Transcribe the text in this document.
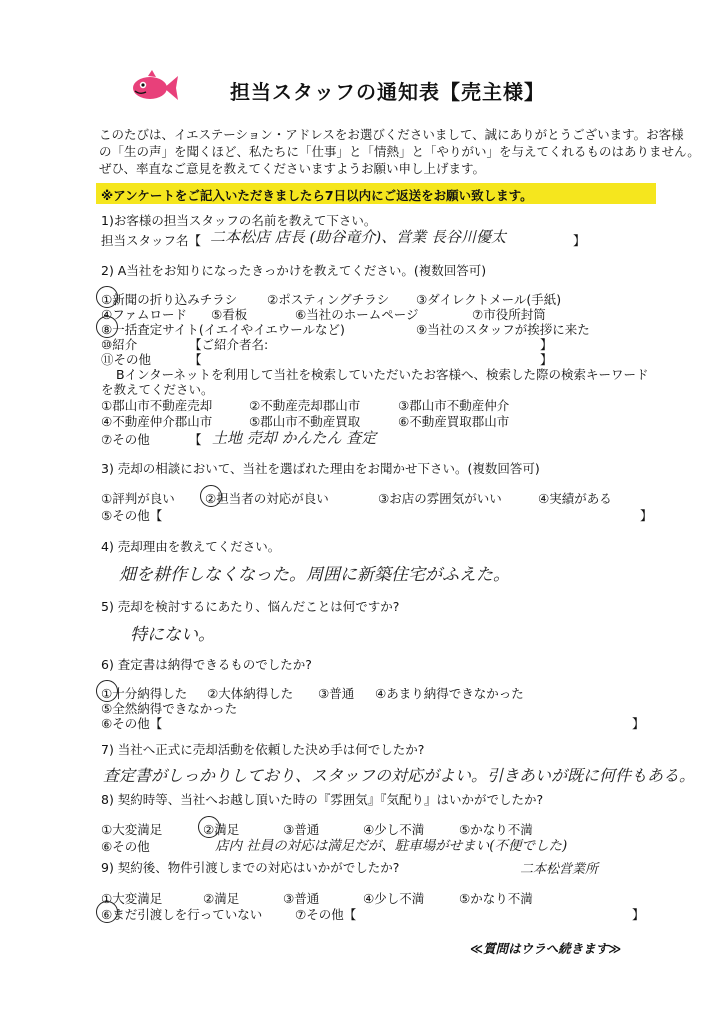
担当スタッフの通知表【売主様】
このたびは、イエステーション・アドレスをお選びくださいまして、誠にありがとうございます。お客様
の「生の声」を聞くほど、私たちに「仕事」と「情熱」と「やりがい」を与えてくれるものはありません。
ぜひ、率直なご意見を教えてくださいますようお願い申し上げます。
※アンケートをご記入いただきましたら7日以内にご返送をお願い致します。
1)お客様の担当スタッフの名前を教えて下さい。
担当スタッフ名【 二本松店 店長 (助谷竜介)、営業 長谷川優太	】
2) A当社をお知りになったきっかけを教えてください。(複数回答可)
①新聞の折り込みチラシ ②ポスティングチラシ ③ダイレクトメール(手紙)
④ファムロード ⑤看板	⑥当社のホームページ	⑦市役所封筒
⑧一括査定サイト(イエイやイエウールなど)	⑨当社のスタッフが挨拶に来た
⑩紹介	【ご紹介者名:	】
⑪その他	【	】
Bインターネットを利用して当社を検索していただいたお客様へ、検索した際の検索キーワード
を教えてください。
①郡山市不動産売却	②不動産売却郡山市	③郡山市不動産仲介
④不動産仲介郡山市	⑤郡山市不動産買取	⑥不動産買取郡山市
⑦その他	【 土地 売却 かんたん 査定
3) 売却の相談において、当社を選ばれた理由をお聞かせ下さい。(複数回答可)
①評判が良い ②担当者の対応が良い	③お店の雰囲気がいい	④実績がある
⑤その他【	】
4) 売却理由を教えてください。
畑を耕作しなくなった。周囲に新築住宅がふえた。
5) 売却を検討するにあたり、悩んだことは何ですか?
特にない。
6) 査定書は納得できるものでしたか?
①十分納得した ②大体納得した ③普通 ④あまり納得できなかった
⑤全然納得できなかった
⑥その他【	】
7) 当社へ正式に売却活動を依頼した決め手は何でしたか?
査定書がしっかりしており、スタッフの対応がよい。引きあいが既に何件もある。
8) 契約時等、当社へお越し頂いた時の『雰囲気』『気配り』はいかがでしたか?
①大変満足	②満足	③普通	④少し不満	⑤かなり不満
⑥その他	店内 社員の対応は満足だが、駐車場がせまい(不便でした)
二本松営業所
9) 契約後、物件引渡しまでの対応はいかがでしたか?
①大変満足	②満足	③普通	④少し不満	⑤かなり不満
⑥まだ引渡しを行っていない	⑦その他【	】
≪質問はウラへ続きます≫
